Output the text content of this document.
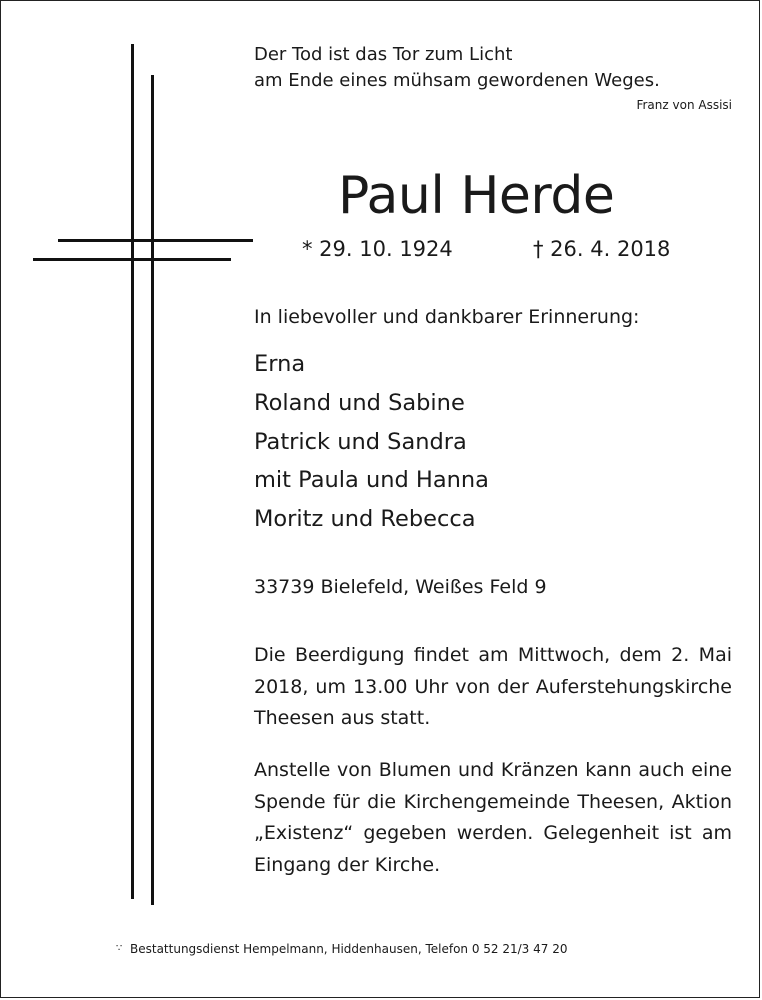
Der Tod ist das Tor zum Licht
am Ende eines mühsam gewordenen Weges.
Franz von Assisi
Paul Herde
* 29. 10. 1924	† 26. 4. 2018
In liebevoller und dankbarer Erinnerung:
Erna
Roland und Sabine
Patrick und Sandra
mit Paula und Hanna
Moritz und Rebecca
33739 Bielefeld, Weißes Feld 9

Die Beerdigung findet am Mittwoch, dem 2. Mai 2018, um 13.00 Uhr von der Auferstehungskirche Theesen aus statt.

Anstelle von Blumen und Kränzen kann auch eine Spende für die Kirchengemeinde Theesen, Aktion „Existenz“ gegeben werden. Gelegenheit ist am Eingang der Kirche.

∵ Bestattungsdienst Hempelmann, Hiddenhausen, Telefon 0 52 21/3 47 20
